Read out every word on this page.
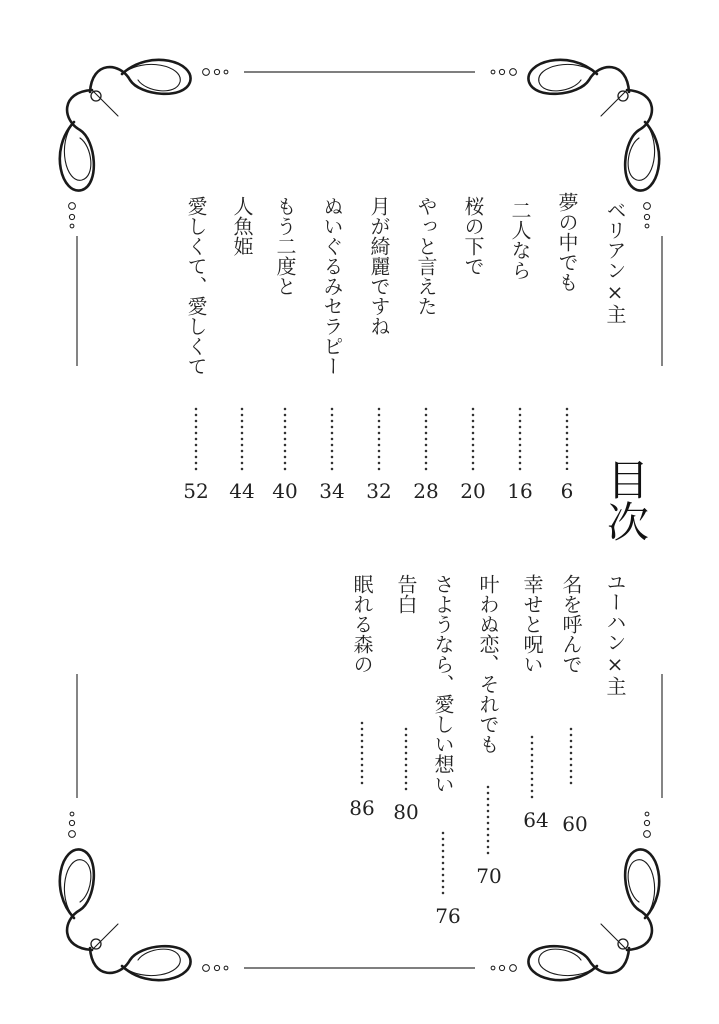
目次
ベリアン×主
夢の中でも
6
二人なら
16
桜の下で
20
やっと言えた
28
月が綺麗ですね
32
ぬいぐるみセラピー
34
もう二度と
40
人魚姫
44
愛しくて、愛しくて
52
ユーハン×主
名を呼んで
60
幸せと呪い
64
叶わぬ恋、それでも
70
さようなら、愛しい想い
76
告白
80
眠れる森の
86
